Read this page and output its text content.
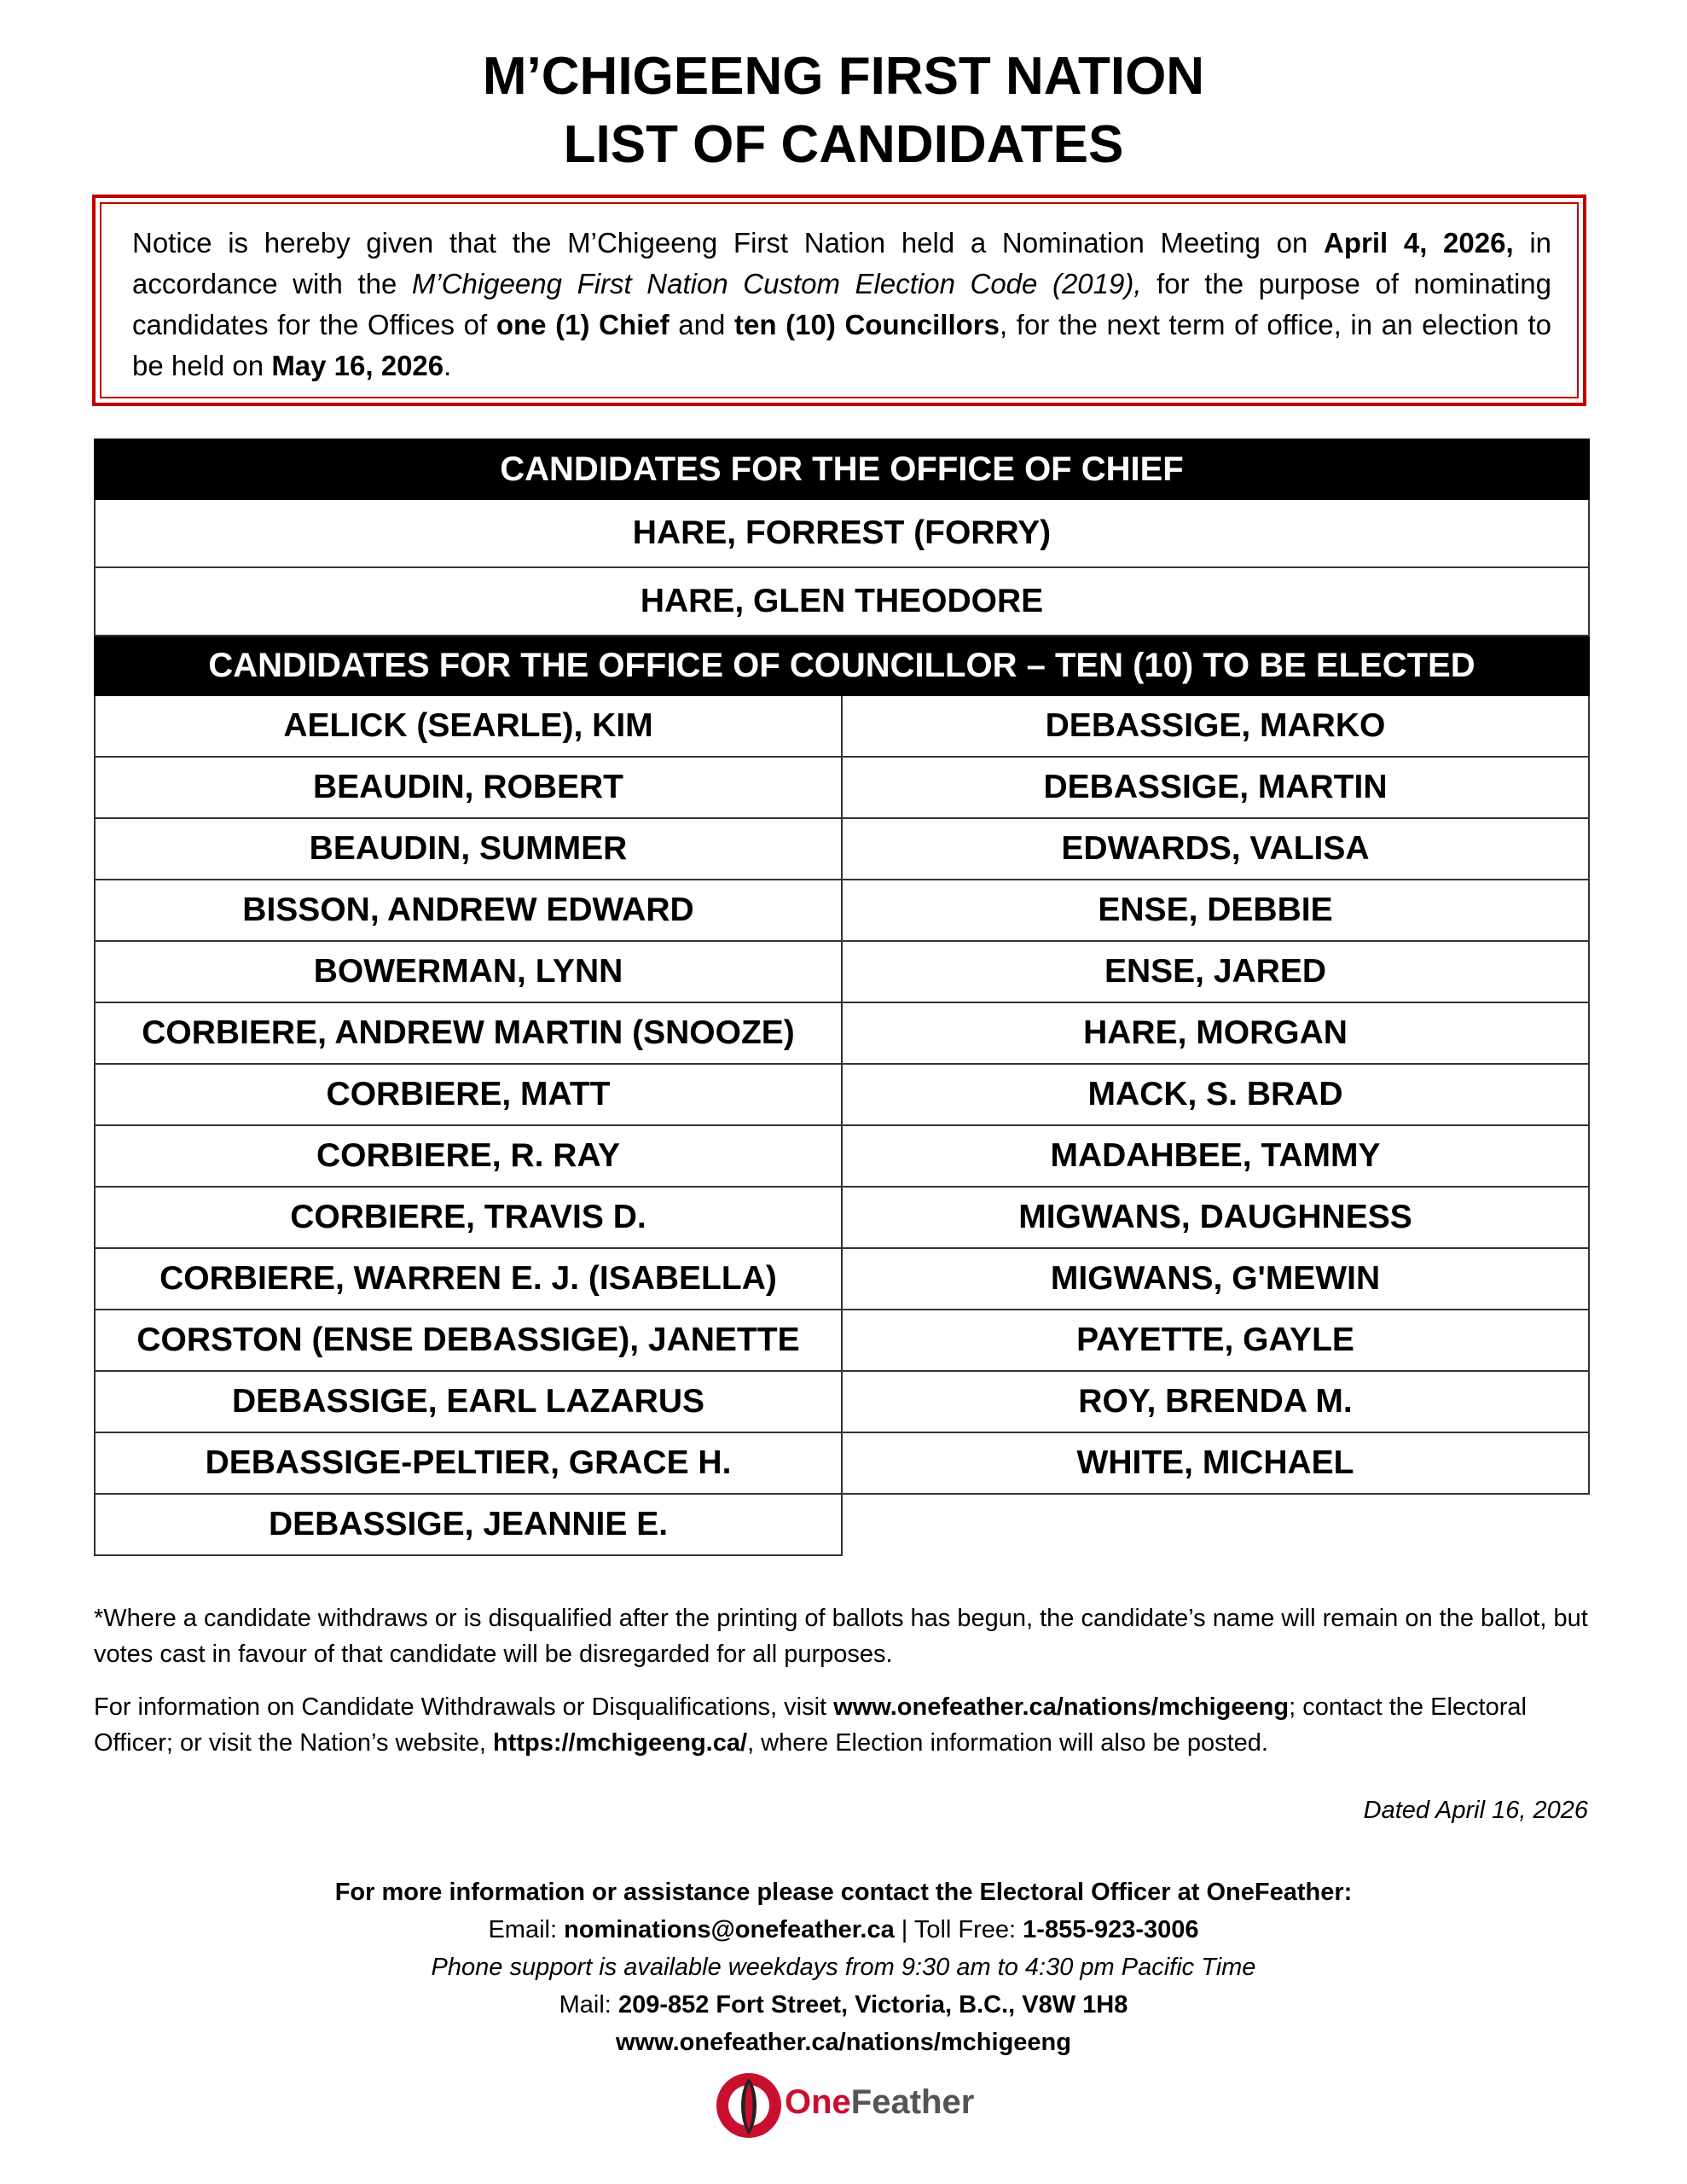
M’CHIGEENG FIRST NATION
LIST OF CANDIDATES
Notice is hereby given that the M’Chigeeng First Nation held a Nomination Meeting on April 4, 2026, in accordance with the M’Chigeeng First Nation Custom Election Code (2019), for the purpose of nominating candidates for the Offices of one (1) Chief and ten (10) Councillors, for the next term of office, in an election to be held on May 16, 2026.
CANDIDATES FOR THE OFFICE OF CHIEF	
HARE, FORREST (FORRY)	
HARE, GLEN THEODORE	
CANDIDATES FOR THE OFFICE OF COUNCILLOR – TEN (10) TO BE ELECTED	
AELICK (SEARLE), KIM	DEBASSIGE, MARKO
BEAUDIN, ROBERT	DEBASSIGE, MARTIN
BEAUDIN, SUMMER	EDWARDS, VALISA
BISSON, ANDREW EDWARD	ENSE, DEBBIE
BOWERMAN, LYNN	ENSE, JARED
CORBIERE, ANDREW MARTIN (SNOOZE)	HARE, MORGAN
CORBIERE, MATT	MACK, S. BRAD
CORBIERE, R. RAY	MADAHBEE, TAMMY
CORBIERE, TRAVIS D.	MIGWANS, DAUGHNESS
CORBIERE, WARREN E. J. (ISABELLA)	MIGWANS, G'MEWIN
CORSTON (ENSE DEBASSIGE), JANETTE	PAYETTE, GAYLE
DEBASSIGE, EARL LAZARUS	ROY, BRENDA M.
DEBASSIGE-PELTIER, GRACE H.	WHITE, MICHAEL
DEBASSIGE, JEANNIE E.	
*Where a candidate withdraws or is disqualified after the printing of ballots has begun, the candidate’s name will remain on the ballot, but votes cast in favour of that candidate will be disregarded for all purposes.
For information on Candidate Withdrawals or Disqualifications, visit www.onefeather.ca/nations/mchigeeng; contact the Electoral Officer; or visit the Nation’s website, https://mchigeeng.ca/, where Election information will also be posted.
Dated April 16, 2026
For more information or assistance please contact the Electoral Officer at OneFeather:
Email: nominations@onefeather.ca | Toll Free: 1-855-923-3006
Phone support is available weekdays from 9:30 am to 4:30 pm Pacific Time
Mail: 209-852 Fort Street, Victoria, B.C., V8W 1H8
www.onefeather.ca/nations/mchigeeng
OneFeather
